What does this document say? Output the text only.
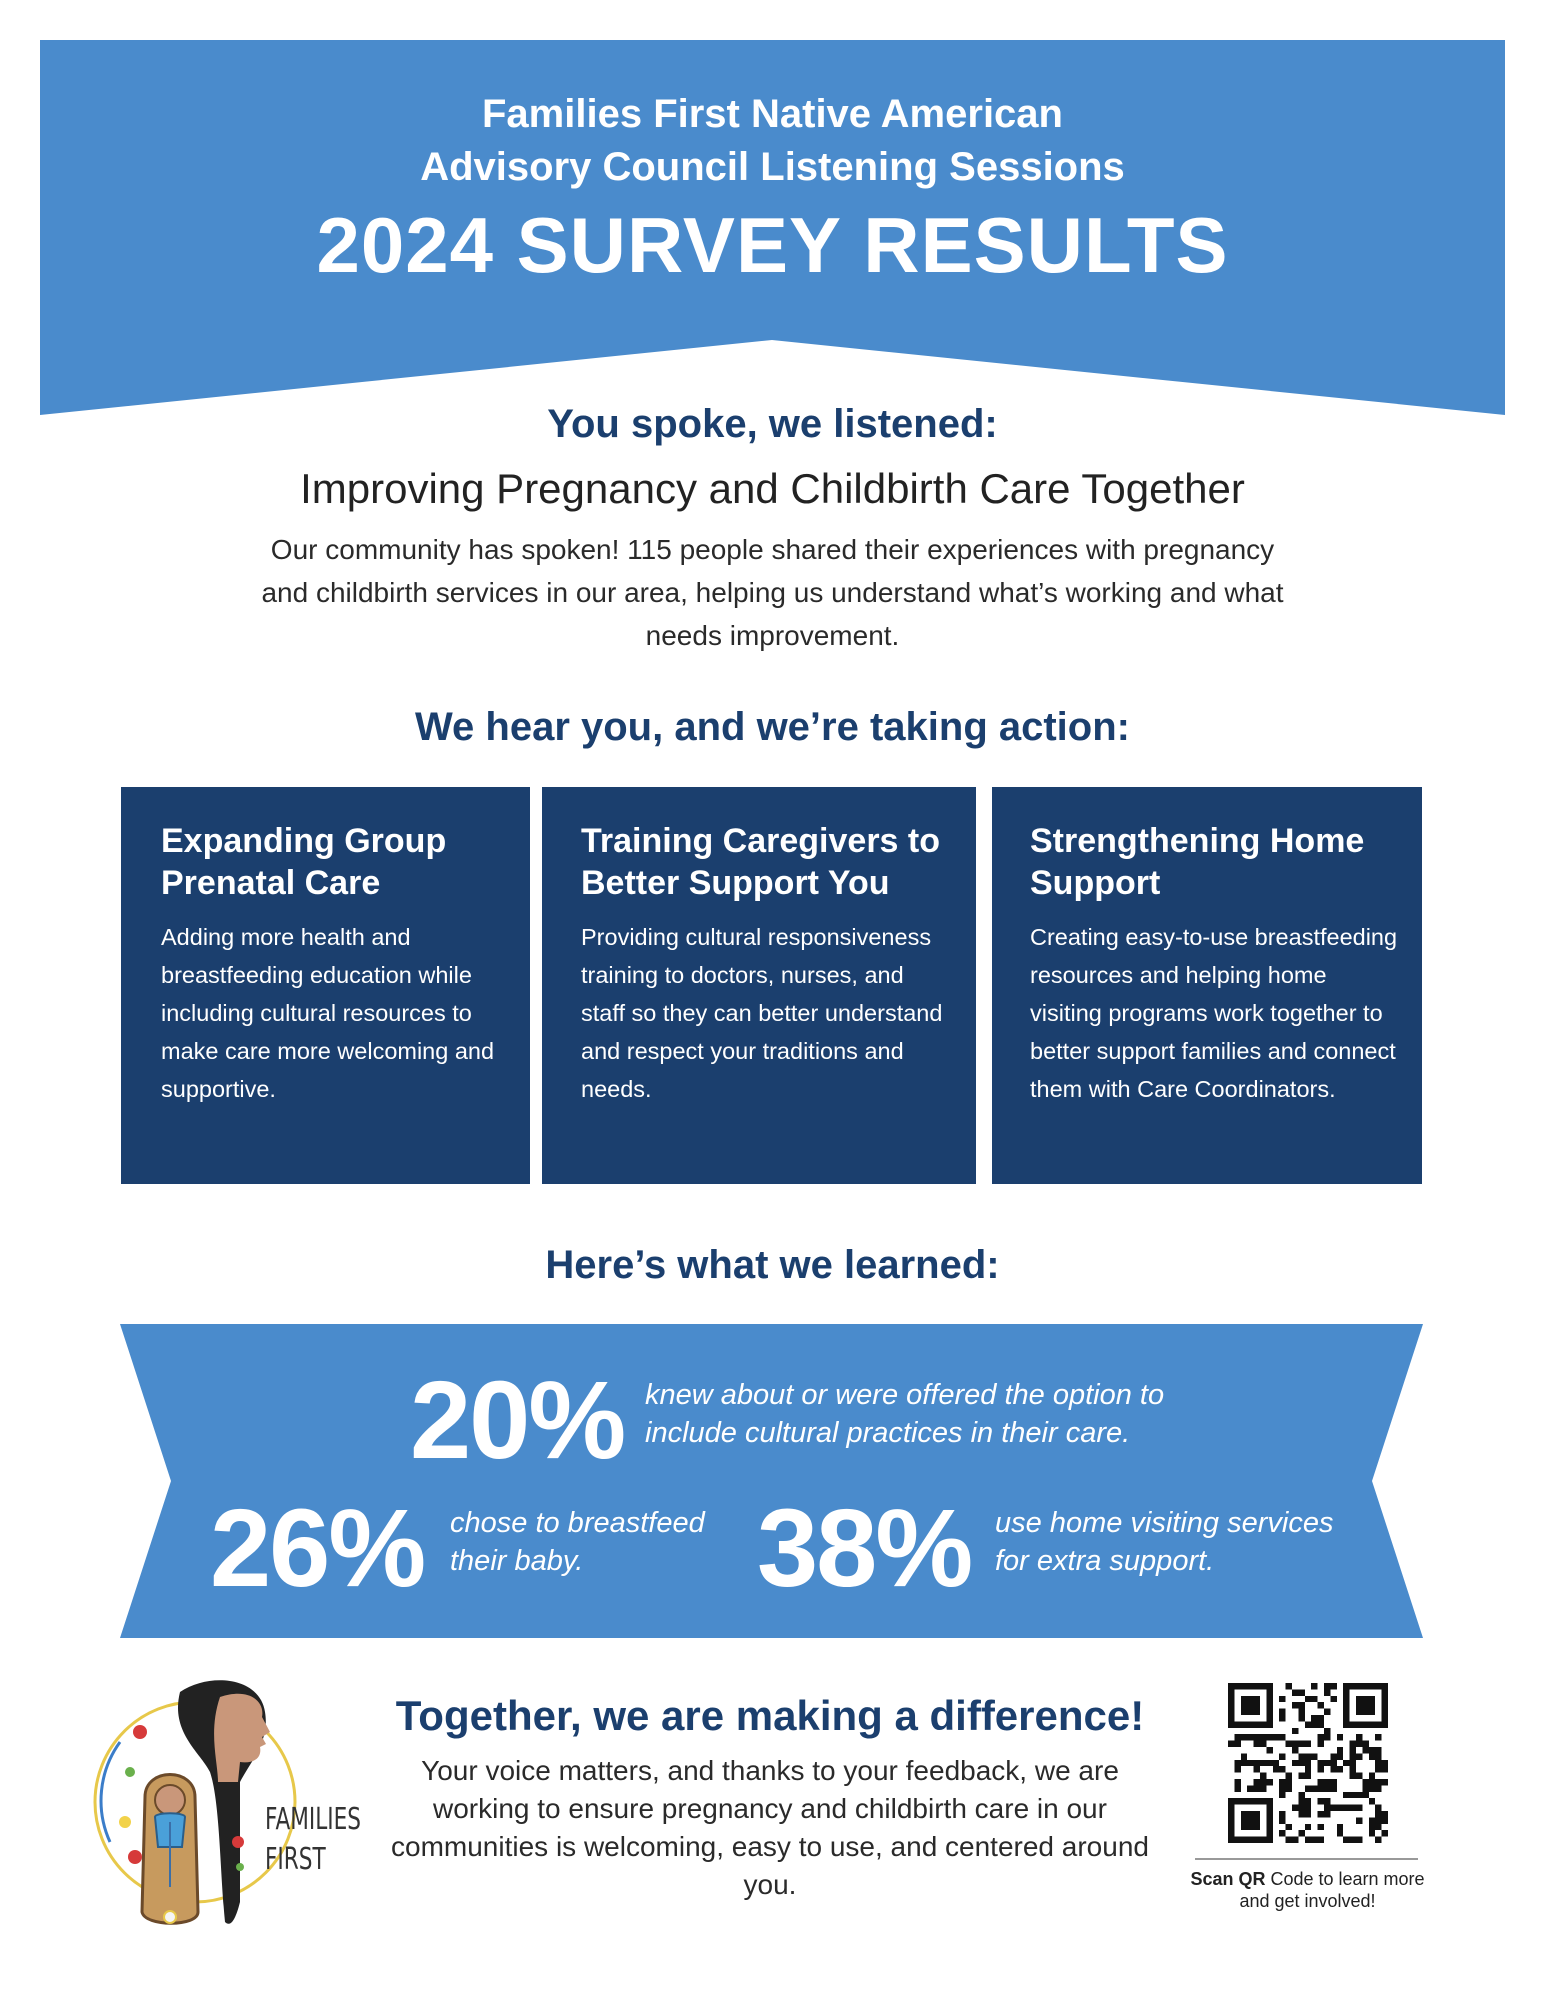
Families First Native American
Advisory Council Listening Sessions
2024 SURVEY RESULTS
You spoke, we listened:
Improving Pregnancy and Childbirth Care Together
Our community has spoken! 115 people shared their experiences with pregnancy and childbirth services in our area, helping us understand what’s working and what needs improvement.
We hear you, and we’re taking action:
Expanding Group Prenatal Care
Adding more health and breastfeeding education while including cultural resources to make care more welcoming and supportive.
Training Caregivers to Better Support You
Providing cultural responsiveness training to doctors, nurses, and staff so they can better understand and respect your traditions and needs.
Strengthening Home Support
Creating easy-to-use breastfeeding resources and helping home visiting programs work together to better support families and connect them with Care Coordinators.
Here’s what we learned:
20% knew about or were offered the option to include cultural practices in their care.
26% chose to breastfeed their baby.	38% use home visiting services for extra support.
FAMILIES
FIRST
Together, we are making a difference!
Your voice matters, and thanks to your feedback, we are working to ensure pregnancy and childbirth care in our communities is welcoming, easy to use, and centered around you.	Scan QR Code to learn more and get involved!
